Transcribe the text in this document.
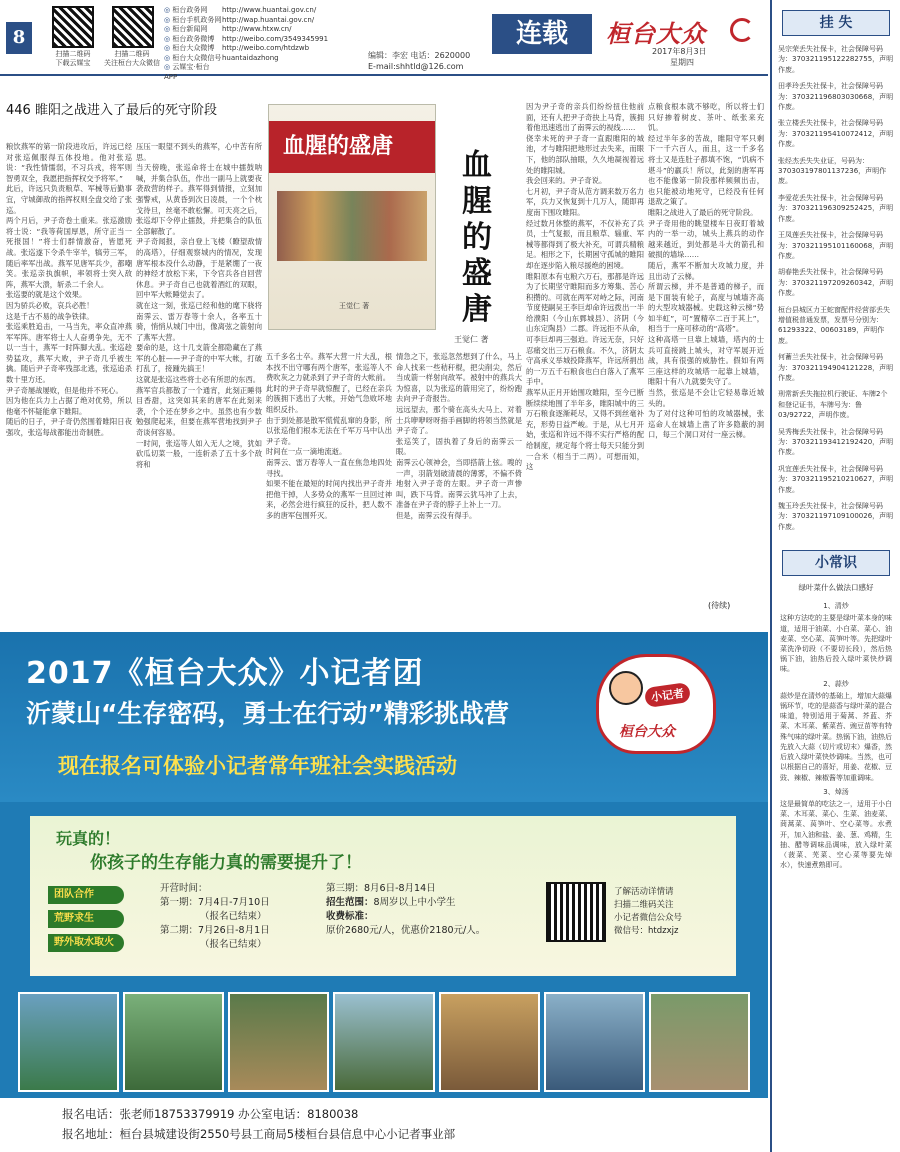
8
扫描二维码
下载云媒宝
扫描二维码
关注桓台大众微信
◎ 桓台政务网	http://www.huantai.gov.cn/
◎ 桓台手机政务网 http://wap.huantai.gov.cn/
◎ 桓台新闻网	http://www.htxw.cn/
◎ 桓台政务微博	http://weibo.com/3549345991
◎ 桓台大众微博	http://weibo.com/htdzwb
◎ 桓台大众微信号 huantaidazhong
◎ 云媒宝·桓台APP
编辑：李宏 电话：2620000
E-mail:shhtld@126.com
连载	桓台大众
2017年8月3日
星期四
446 睢阳之战进入了最后的死守阶段
粮饮燕军的第一阶段进攻后，许远已经对张巡佩服得五体投地。他对张巡说：“我性情懦弱，不习兵戎，将军则智勇双全，我愿把指挥权交予将军。”
此后，许远只负责粮草、军械等后勤事宜，守城御敌的指挥权则全盘交给了张巡。
两个月后，尹子奇卷土重来。张巡激励将士说：“我等荷国厚恩，所守正当一死报国！”将士们群情激奋，皆愿死战。张巡遂下令杀牛宰羊，犒劳三军，随后率军出战。燕军见唐军兵少，都嘲笑。张巡亲执旗帜，率领将士突入敌阵，燕军大溃，斩杀二千余人。
张巡要的就是这个效果。
因为骄兵必败，哀兵必胜！
这是千古不易的战争铁律。
张巡乘胜追击，一马当先，率众直冲燕军军阵。唐军将士人人奋勇争先，无不以一当十，燕军一时阵脚大乱。张巡趁势猛攻，燕军大败，尹子奇几乎被生擒。随后尹子奇率残部北逃，张巡追杀数十里方还。
尹子奇屡战屡败，但是他并不死心。
因为他在兵力上占据了绝对优势，所以他毫不怀疑能拿下睢阳。
随后的日子，尹子奇仍然围着睢阳日夜强攻，张巡每战都能出奇制胜。
压压一眼望不到头的燕军，心中苦有所思。
当天傍晚，张巡命将士在城中擂鼓呐喊，并集合队伍，作出一副马上就要夜袭敌营的样子。燕军得到情报，立刻加强警戒，从黄昏到次日凌晨，一个个枕戈待旦，丝毫不敢松懈。可天亮之后，张巡却下令停止擂鼓，并把集合的队伍全部解散了。
尹子奇闻报，亲自登上飞楼（瞭望敌情的高塔），仔细观察城内的情况，发现唐军根本没什么动静，于是紧绷了一夜的神经才放松下来，下令官兵各自回营休息。尹子奇自己也就着酒红的双眼，回中军大帐睡觉去了。
就在这一刻，张巡已经和他的麾下骁将南霁云、雷万春等十余人，各率五十骑，悄悄从城门中出，像离弦之箭射向了燕军大营。
要命的是，这十几支箭全都隐藏在了燕军的心脏——尹子奇的中军大帐，打破打乱了，接踵先搞王！
这就是张巡这些将士必有所思的东西。
燕军官兵都散了一个通宵，此刻正睡得目香甜，这突如其来的唐军在此刻来袭，个个还在梦乡之中。虽然也有少数勉强爬起来，但要在燕军营地找到尹子奇谈何容易。
一时间，张巡等人如入无人之境，犹如砍瓜切菜一般，一连斩杀了五十多个敌将和
血腥的盛唐
王觉仁 著
血腥的盛唐
王觉仁 著
五千多名士卒。燕军大营一片大乱，根本找不出守哪有两个唐军，张巡等人不费吹灰之力就杀到了尹子奇的大帐前。
此时的尹子奇早就惊醒了，已经在亲兵的簇拥下逃出了大帐，开始气急败坏地组织反扑。
由于到处都是散军慌慌乱窜的身影，所以张巡他们根本无法在千军万马中认出尹子奇。
时间在一点一滴地流逝。
南霁云、雷万春等人一直在焦急地四处寻找。
如果不能在最短的时间内找出尹子奇并把他干掉，人多势众的燕军一旦回过神来，必然会进行疯狂的反扑，把人数不多的唐军包围歼灭。
情急之下，张巡忽然想到了什么，马上命人找来一些秸秆棍，把尖削尖，然后当成箭一样射向敌军。被射中的燕兵大为惊喜，以为张巡的箭用完了，纷纷跑去向尹子奇报告。
远远望去，那个骑在高头大马上、对着士兵咿咿呀呀指手画脚的将领当然就是尹子奇了。
张巡笑了，固执着了身后的南霁云一眼。
南霁云心领神会，当即搭箭上弦。嗖的一声，羽箭划破清晨的薄雾，不偏不倚地射入尹子奇的左眼。尹子奇一声惨叫，跌下马背。南霁云犹马冲了上去，准备在尹子奇的脖子上补上一刀。
但是，南霁云没有得手。
因为尹子奇的亲兵们纷纷扭住他前面，还有人把尹子奇抉上马背，簇拥着他迅速逃出了南霁云的视线……
侥幸未死的尹子奇一直跟睢阳的城池，才与睢阳把地形过去失来，而眼下，他的部队抽眼，久久地凝视着远处的睢阳城。
我会回来的。尹子奇说。
七月初，尹子奇从范方调来数万名力军，兵力又恢复到十几万人，随即再度南下围攻睢阳。
经过数月休整的燕军，不仅补充了兵员，士气复振，而且粮草、辎重、军械等都得到了极大补充，可谓兵精粮足。相形之下，长期困守孤城的睢阳却在逐步陷入粮尽援绝的困境。
睢阳原本有屯粮六万石，那都是许远为了长期坚守睢阳而多方筹集、苦心积攒的。可就在两军对峙之际，河南节度使嗣吴王李巨却命许远拨出一半给濮阳（今山东鄄城县）、济阴（今山东定陶县）二郡。许远拒不从命，可李巨却再三强迫。许远无奈，只好忍痛交出三万石粮食。不久，济阴太守高承义举城投降燕军，许远所捐出的一万五千石粮食也白白落入了燕军手中。
燕军从正月开始围攻睢阳，至今已断断续续地围了半年多，睢阳城中的三万石粮食逐渐耗尽，又得不到丝毫补充，形势日益严峻。于是，从七月开始，张巡和许远不得不实行严格的配给制度，规定每个将士每天只能分到一合米（相当于二两）。可想而知，这
点粮食根本就不够吃，所以将士们只好掺着树皮、茶叶、纸张来充饥。
经过半年多的苦战，睢阳守军只剩下一千六百人，而且，这一千多名将士又是连肚子都填不饱，“饥病不堪斗”的羸兵！所以，此刻的唐军再也不能像第一阶段那样频频出击，也只能被动地死守，已经没有任何退敌之策了。
睢阳之战进入了最后的死守阶段。
尹子奇用他的眺望楼车日夜盯着城内的一举一动，城头上燕兵的动作越来越近，到处都是斗大的箭孔和破损的墙垛……
随后，燕军不断加大攻城力度，并且出动了云梯。
所谓云梯，并不是普通的梯子，而是下面装有轮子，高度与城墙齐高的大型攻城器械。史载这种云梯“势如半虹”，可“置精卒二百于其上”，相当于一座可移动的“高塔”。
这种高塔一旦靠上城墙，塔内的士兵可直接跳上城头，对守军展开近战，具有很强的威胁性。假如有两三座这样的攻城塔一起靠上城墙，睢阳十有八九就要失守了。
当然，张巡是不会让它轻易靠近城头的。
为了对付这种可怕的攻城器械，张巡命人在城墙上凿了许多隐蔽的洞口，每三个洞口对付一座云梯。
(待续)
挂 失

吴宗荣丢失社保卡，社会保障号码为：370321195122282755，声明作废。

田孝玲丢失社保卡，社会保障号码为：370321196803030668，声明作废。

张立楼丢失社保卡，社会保障号码为：370321195410072412，声明作废。

张经杰丢失失业证，号码为：370303197801137236，声明作废。

李爱花丢失社保卡，社会保障号码为：370321196309252425，声明作废。

王凤莲丢失社保卡，社会保障号码为：370321195101160068，声明作废。

胡春艳丢失社保卡，社会保障号码为：370321197209260342，声明作废。

桓台县城区力王蛇窗配件经营部丢失增值税普通发票，发票号分别为：61293322、00603189，声明作废。

何蓄兰丢失社保卡，社会保障号码为：370321194904121228，声明作废。

刑常新丢失拖拉机行驶证、车牌2个和登记证书，车牌号为：鲁03/92722，声明作废。

吴秀梅丢失社保卡，社会保障号码为：370321193412192420，声明作废。

巩宜莲丢失社保卡，社会保障号码为：370321195210210627，声明作废。

魏玉玲丢失社保卡，社会保障号码为：370321197109100026，声明作废。

小常识
绿叶菜什么做法口感好
1、清炒

这种方法吃的主要是绿叶菜本身的味道，适用于油菜、小白菜、菜心、油麦菜、空心菜、莴笋叶等。先把绿叶菜洗净切段（不要切长段），然后热锅下油，油热后投入绿叶菜快炒调味。

2、蒜炒

蒜炒是在清炒的基础上，增加大蒜爆锅环节，吃的是蒜香与绿叶菜的混合味道，特别适用于菊蒿、芥蓝、芥菜、木耳菜、紫菜苔、豌豆苗等有特殊气味的绿叶菜。热锅下油，油热后先放入大蒜（切片或切末）爆香，然后放入绿叶菜快炒调味。当然，也可以根据自己的喜好，用姜、花椒、豆豉、辣椒、辣椒酱等加重调味。

3、焯汤

这是最简单的吃法之一，适用于小白菜、木耳菜、菜心、生菜、油麦菜、茼蒿菜、莴笋叶、空心菜等。水煮开，加入油和盐、姜、葱、鸡精，生抽、醋等调味品调味，放入绿叶菜（菠菜、芜菜、空心菜等要先焯水），快速煮熟即可。

2017《桓台大众》小记者团
沂蒙山“生存密码，勇士在行动”精彩挑战营
现在报名可体验小记者常年班社会实践活动
小记者
桓台大众
玩真的！
你孩子的生存能力真的需要提升了！
团队合作
荒野求生
野外取水取火
开营时间：
第一期：7月4日-7月10日
（报名已结束）
第二期：7月26日-8月1日
（报名已结束）
第三期：8月6日-8月14日
招生范围：8周岁以上中小学生
收费标准：
原价2680元/人，优惠价2180元/人。
了解活动详情请
扫描二维码关注
小记者微信公众号
微信号：htdzxjz
报名电话：张老师18753379919 办公室电话：8180038
报名地址：桓台县城建设街2550号县工商局5楼桓台县信息中心小记者事业部
